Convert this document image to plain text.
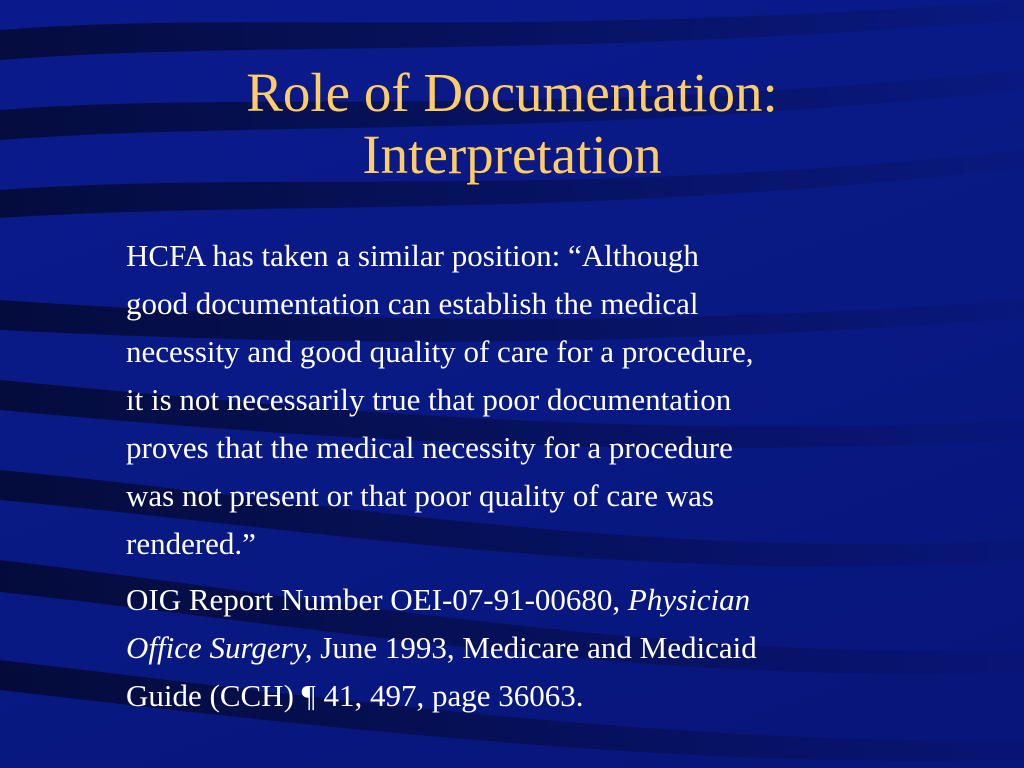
Role of Documentation:
Interpretation

HCFA has taken a similar position: “Although
good documentation can establish the medical
necessity and good quality of care for a procedure,
it is not necessarily true that poor documentation
proves that the medical necessity for a procedure
was not present or that poor quality of care was
rendered.”

OIG Report Number OEI-07-91-00680, Physician
Office Surgery, June 1993, Medicare and Medicaid
Guide (CCH) ¶ 41, 497, page 36063.
